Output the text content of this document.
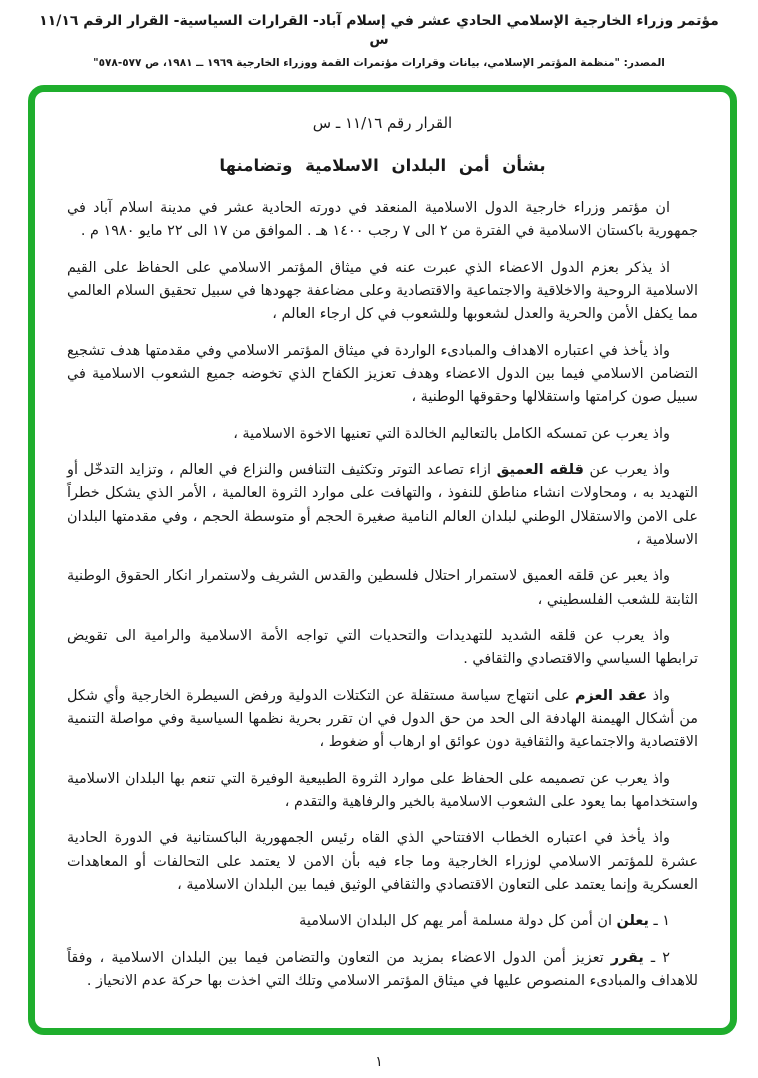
مؤتمر وزراء الخارجية الإسلامي الحادي عشر في إسلام آباد- القرارات السياسية- القرار الرقم ١١/١٦ س
المصدر: "منظمة المؤتمر الإسلامي، بيانات وقرارات مؤتمرات القمة ووزراء الخارجية ١٩٦٩ ــ ١٩٨١، ص ٥٧٧-٥٧٨"
القرار رقم ١١/١٦ ـ س
بشأن أمن البلدان الاسلامية وتضامنها

ان مؤتمر وزراء خارجية الدول الاسلامية المنعقد في دورته الحادية عشر في مدينة اسلام آباد في جمهورية باكستان الاسلامية في الفترة من ٢ الى ٧ رجب ١٤٠٠ هـ . الموافق من ١٧ الى ٢٢ مايو ١٩٨٠ م .

اذ يذكر بعزم الدول الاعضاء الذي عبرت عنه في ميثاق المؤتمر الاسلامي على الحفاظ على القيم الاسلامية الروحية والاخلاقية والاجتماعية والاقتصادية وعلى مضاعفة جهودها في سبيل تحقيق السلام العالمي مما يكفل الأمن والحرية والعدل لشعوبها وللشعوب في كل ارجاء العالم ،

واذ يأخذ في اعتباره الاهداف والمبادىء الواردة في ميثاق المؤتمر الاسلامي وفي مقدمتها هدف تشجيع التضامن الاسلامي فيما بين الدول الاعضاء وهدف تعزيز الكفاح الذي تخوضه جميع الشعوب الاسلامية في سبيل صون كرامتها واستقلالها وحقوقها الوطنية ،

واذ يعرب عن تمسكه الكامل بالتعاليم الخالدة التي تعنيها الاخوة الاسلامية ،

واذ يعرب عن قلقه العميق ازاء تصاعد التوتر وتكثيف التنافس والنزاع في العالم ، وتزايد التدخّل أو التهديد به ، ومحاولات انشاء مناطق للنفوذ ، والتهافت على موارد الثروة العالمية ، الأمر الذي يشكل خطراً على الامن والاستقلال الوطني لبلدان العالم النامية صغيرة الحجم أو متوسطة الحجم ، وفي مقدمتها البلدان الاسلامية ،

واذ يعبر عن قلقه العميق لاستمرار احتلال فلسطين والقدس الشريف ولاستمرار انكار الحقوق الوطنية الثابتة للشعب الفلسطيني ،

واذ يعرب عن قلقه الشديد للتهديدات والتحديات التي تواجه الأمة الاسلامية والرامية الى تقويض ترابطها السياسي والاقتصادي والثقافي .

واذ عقد العزم على انتهاج سياسة مستقلة عن التكتلات الدولية ورفض السيطرة الخارجية وأي شكل من أشكال الهيمنة الهادفة الى الحد من حق الدول في ان تقرر بحرية نظمها السياسية وفي مواصلة التنمية الاقتصادية والاجتماعية والثقافية دون عوائق او ارهاب أو ضغوط ،

واذ يعرب عن تصميمه على الحفاظ على موارد الثروة الطبيعية الوفيرة التي تنعم بها البلدان الاسلامية واستخدامها بما يعود على الشعوب الاسلامية بالخير والرفاهية والتقدم ،

واذ يأخذ في اعتباره الخطاب الافتتاحي الذي القاه رئيس الجمهورية الباكستانية في الدورة الحادية عشرة للمؤتمر الاسلامي لوزراء الخارجية وما جاء فيه بأن الامن لا يعتمد على التحالفات أو المعاهدات العسكرية وإنما يعتمد على التعاون الاقتصادي والثقافي الوثيق فيما بين البلدان الاسلامية ،

١ ـ يعلن ان أمن كل دولة مسلمة أمر يهم كل البلدان الاسلامية

٢ ـ يقرر تعزيز أمن الدول الاعضاء بمزيد من التعاون والتضامن فيما بين البلدان الاسلامية ، وفقاً للاهداف والمبادىء المنصوص عليها في ميثاق المؤتمر الاسلامي وتلك التي اخذت بها حركة عدم الانحياز .

١
